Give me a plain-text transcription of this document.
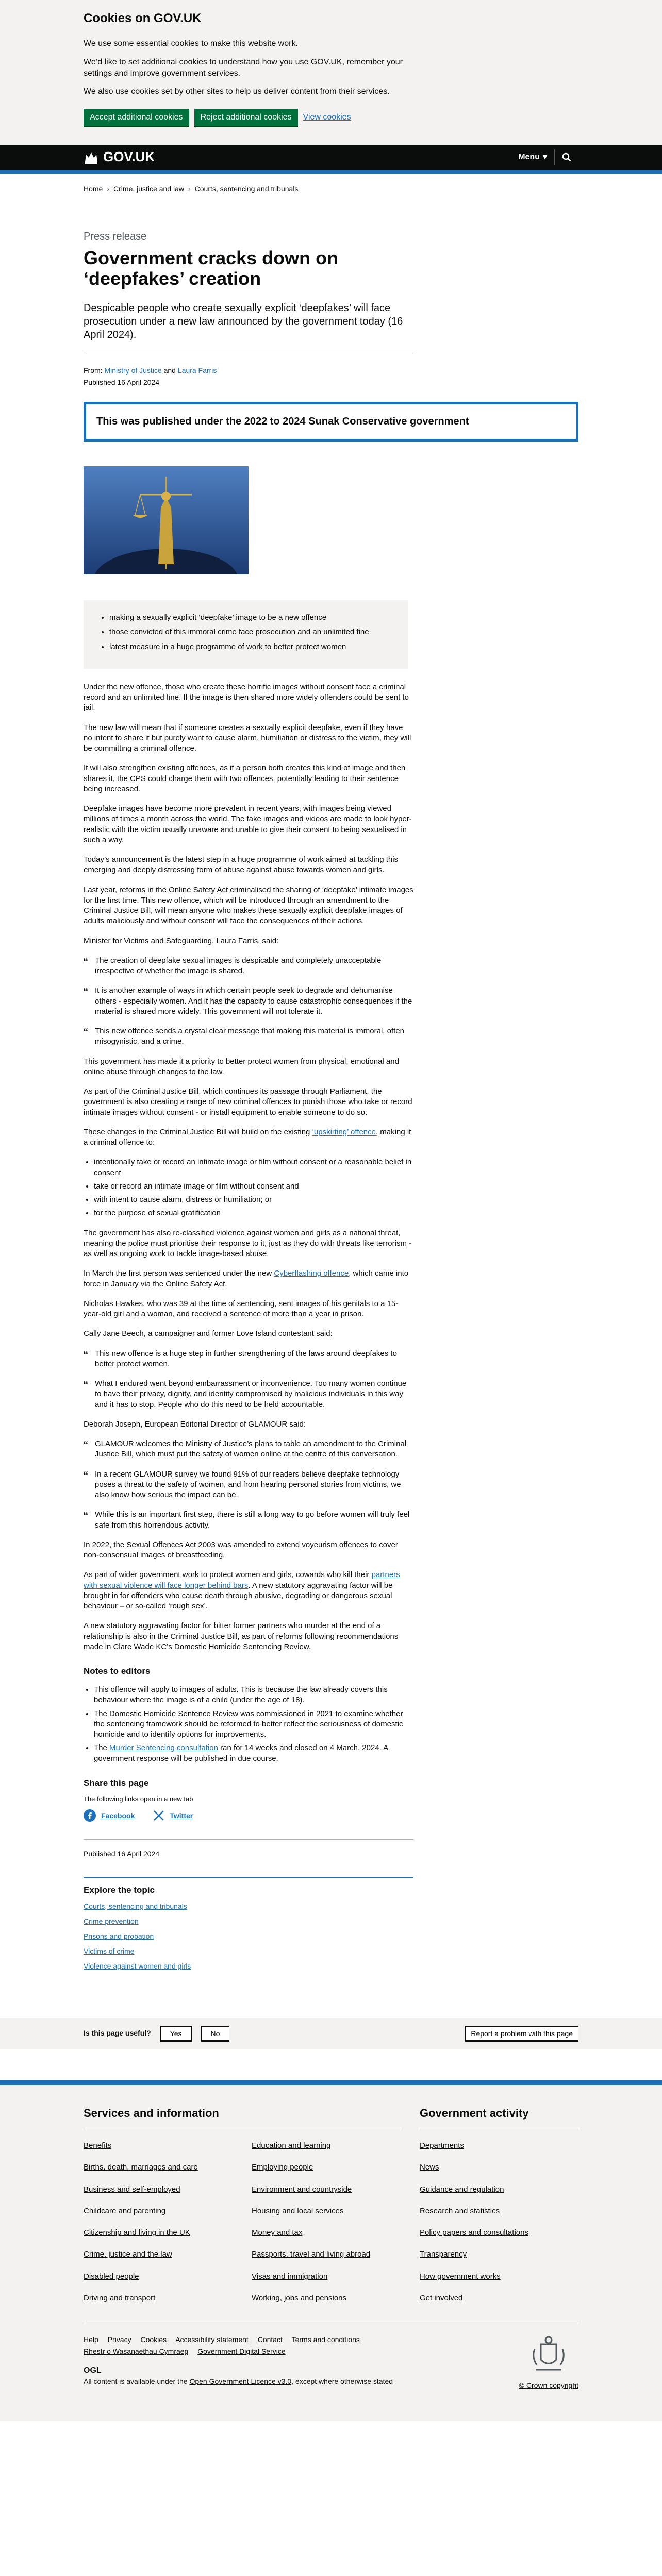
Cookies on GOV.UK

We use some essential cookies to make this website work.

We’d like to set additional cookies to understand how you use GOV.UK, remember your settings and improve government services.

We also use cookies set by other sites to help us deliver content from their services.

Accept additional cookies	Reject additional cookies	View cookies
GOV.UK	Menu ▾
Home › Crime, justice and law › Courts, sentencing and tribunals
Press release
Government cracks down on ‘deepfakes’ creation

Despicable people who create sexually explicit ‘deepfakes’ will face prosecution under a new law announced by the government today (16 April 2024).

From: Ministry of Justice and Laura Farris
Published 16 April 2024
This was published under the 2022 to 2024 Sunak Conservative government
• making a sexually explicit ‘deepfake’ image to be a new offence
• those convicted of this immoral crime face prosecution and an unlimited fine
• latest measure in a huge programme of work to better protect women

Under the new offence, those who create these horrific images without consent face a criminal record and an unlimited fine. If the image is then shared more widely offenders could be sent to jail.

The new law will mean that if someone creates a sexually explicit deepfake, even if they have no intent to share it but purely want to cause alarm, humiliation or distress to the victim, they will be committing a criminal offence.

It will also strengthen existing offences, as if a person both creates this kind of image and then shares it, the CPS could charge them with two offences, potentially leading to their sentence being increased.

Deepfake images have become more prevalent in recent years, with images being viewed millions of times a month across the world. The fake images and videos are made to look hyper-realistic with the victim usually unaware and unable to give their consent to being sexualised in such a way.

Today’s announcement is the latest step in a huge programme of work aimed at tackling this emerging and deeply distressing form of abuse against abuse towards women and girls.

Last year, reforms in the Online Safety Act criminalised the sharing of ‘deepfake’ intimate images for the first time. This new offence, which will be introduced through an amendment to the Criminal Justice Bill, will mean anyone who makes these sexually explicit deepfake images of adults maliciously and without consent will face the consequences of their actions.

Minister for Victims and Safeguarding, Laura Farris, said:

“ The creation of deepfake sexual images is despicable and completely unacceptable irrespective of whether the image is shared.
“ It is another example of ways in which certain people seek to degrade and dehumanise others - especially women. And it has the capacity to cause catastrophic consequences if the material is shared more widely. This government will not tolerate it.
“ This new offence sends a crystal clear message that making this material is immoral, often misogynistic, and a crime.

This government has made it a priority to better protect women from physical, emotional and online abuse through changes to the law.

As part of the Criminal Justice Bill, which continues its passage through Parliament, the government is also creating a range of new criminal offences to punish those who take or record intimate images without consent - or install equipment to enable someone to do so.

These changes in the Criminal Justice Bill will build on the existing ‘upskirting’ offence, making it a criminal offence to:

• intentionally take or record an intimate image or film without consent or a reasonable belief in consent
• take or record an intimate image or film without consent and
• with intent to cause alarm, distress or humiliation; or
• for the purpose of sexual gratification

The government has also re-classified violence against women and girls as a national threat, meaning the police must prioritise their response to it, just as they do with threats like terrorism - as well as ongoing work to tackle image-based abuse.

In March the first person was sentenced under the new Cyberflashing offence, which came into force in January via the Online Safety Act.

Nicholas Hawkes, who was 39 at the time of sentencing, sent images of his genitals to a 15-year-old girl and a woman, and received a sentence of more than a year in prison.

Cally Jane Beech, a campaigner and former Love Island contestant said:

“ This new offence is a huge step in further strengthening of the laws around deepfakes to better protect women.
“ What I endured went beyond embarrassment or inconvenience. Too many women continue to have their privacy, dignity, and identity compromised by malicious individuals in this way and it has to stop. People who do this need to be held accountable.

Deborah Joseph, European Editorial Director of GLAMOUR said:

“ GLAMOUR welcomes the Ministry of Justice’s plans to table an amendment to the Criminal Justice Bill, which must put the safety of women online at the centre of this conversation.
“ In a recent GLAMOUR survey we found 91% of our readers believe deepfake technology poses a threat to the safety of women, and from hearing personal stories from victims, we also know how serious the impact can be.
“ While this is an important first step, there is still a long way to go before women will truly feel safe from this horrendous activity.

In 2022, the Sexual Offences Act 2003 was amended to extend voyeurism offences to cover non-consensual images of breastfeeding.

As part of wider government work to protect women and girls, cowards who kill their partners with sexual violence will face longer behind bars. A new statutory aggravating factor will be brought in for offenders who cause death through abusive, degrading or dangerous sexual behaviour – or so-called ‘rough sex’.

A new statutory aggravating factor for bitter former partners who murder at the end of a relationship is also in the Criminal Justice Bill, as part of reforms following recommendations made in Clare Wade KC’s Domestic Homicide Sentencing Review.

Notes to editors
• This offence will apply to images of adults. This is because the law already covers this behaviour where the image is of a child (under the age of 18).
• The Domestic Homicide Sentence Review was commissioned in 2021 to examine whether the sentencing framework should be reformed to better reflect the seriousness of domestic homicide and to identify options for improvements.
• The Murder Sentencing consultation ran for 14 weeks and closed on 4 March, 2024. A government response will be published in due course.
Share this page

The following links open in a new tab

Facebook	Twitter
Published 16 April 2024
Explore the topic
Courts, sentencing and tribunals
Crime prevention
Prisons and probation
Victims of crime
Violence against women and girls
Is this page useful?	Yes	No	Report a problem with this page
Services and information
Benefits
Births, death, marriages and care
Business and self-employed
Childcare and parenting
Citizenship and living in the UK
Crime, justice and the law
Disabled people
Driving and transport
Education and learning
Employing people
Environment and countryside
Housing and local services
Money and tax
Passports, travel and living abroad
Visas and immigration
Working, jobs and pensions
Government activity
Departments
News
Guidance and regulation
Research and statistics
Policy papers and consultations
Transparency
How government works
Get involved
Help Privacy Cookies Accessibility statement Contact Terms and conditions Rhestr o Wasanaethau Cymraeg Government Digital Service
OGL
All content is available under the Open Government Licence v3.0, except where otherwise stated
© Crown copyright
